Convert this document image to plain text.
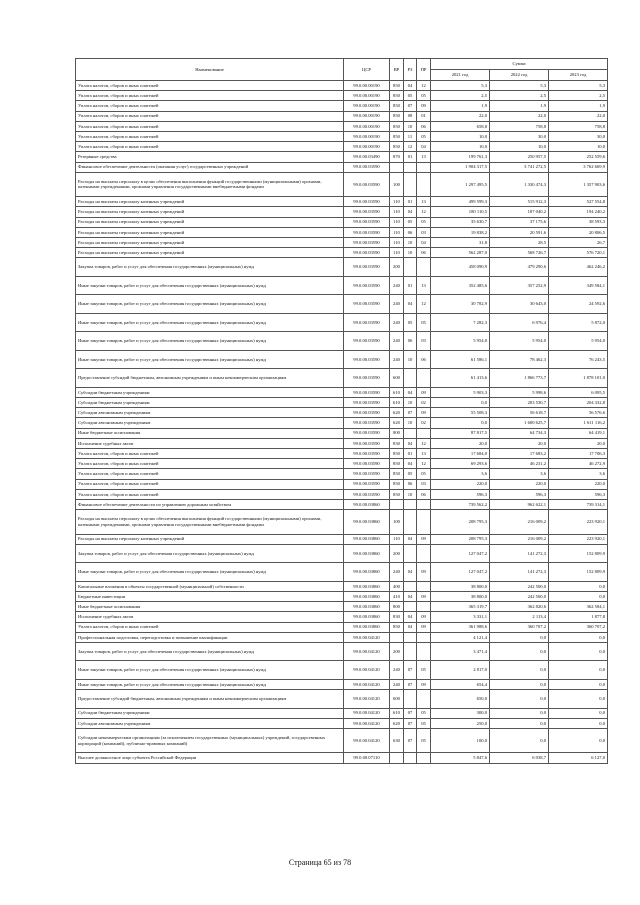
Наименование	ЦСР	ВР	РЗ	ПР	Сумма		
					2021 год	2022 год	2023 год
Уплата налогов, сборов и иных платежей	99.0.00.00190	850	04	12	5,3	5,3	5,3
Уплата налогов, сборов и иных платежей	99.0.00.00190	850	05	05	2,5	2,5	2,5
Уплата налогов, сборов и иных платежей	99.0.00.00190	850	07	09	1,9	1,9	1,9
Уплата налогов, сборов и иных платежей	99.0.00.00190	850	08	01	22,0	22,0	22,0
Уплата налогов, сборов и иных платежей	99.0.00.00190	850	10	06	658,8	758,8	758,8
Уплата налогов, сборов и иных платежей	99.0.00.00190	850	11	05	10,0	30,0	30,0
Уплата налогов, сборов и иных платежей	99.0.00.00190	850	12	04	10,0	10,0	10,0
Резервные средства	99.0.00.03490	870	01	13	199 761,3	250 957,5	252 559,6
Финансовое обеспечение деятельности (оказания услуг) государственных учреждений	99.0.00.03590				1 904 317,5	3 741 272,5	3 762 669,9
Расходы на выплаты персоналу в целях обеспечения выполнения функций государственными (муниципальными) органами, казенными учреждениями, органами управления государственными внебюджетными фондами	99.0.00.03590	100			1 297 495,5	1 330 474,3	1 357 903,6
Расходы на выплаты персоналу казенных учреждений	99.0.00.03590	110	01	13	499 599,3	515 912,3	527 554,8
Расходы на выплаты персоналу казенных учреждений	99.0.00.03590	110	04	12	180 110,5	187 040,2	194 240,2
Расходы на выплаты персоналу казенных учреждений	99.0.00.03590	110	05	05	35 630,7	37 175,6	38 593,3
Расходы на выплаты персоналу казенных учреждений	99.0.00.03590	110	06	03	19 838,2	20 591,6	20 806,5
Расходы на выплаты персоналу казенных учреждений	99.0.00.03590	110	10	04	31,8	28,5	26,7
Расходы на выплаты персоналу казенных учреждений	99.0.00.03590	110	10	06	562 287,0	568 726,7	576 720,1
Закупка товаров, работ и услуг для обеспечения государственных (муниципальных) нужд	99.0.00.03590	200			458 090,9	479 290,6	462 246,2
Иные закупки товаров, работ и услуг для обеспечения государственных (муниципальных) нужд	99.0.00.03590	240	01	13	352 485,6	357 252,9	349 584,1
Иные закупки товаров, работ и услуг для обеспечения государственных (муниципальных) нужд	99.0.00.03590	240	04	12	30 782,9	30 643,0	24 592,6
Иные закупки товаров, работ и услуг для обеспечения государственных (муниципальных) нужд	99.0.00.03590	240	05	05	7 282,3	6 976,4	5 872,0
Иные закупки товаров, работ и услуг для обеспечения государственных (муниципальных) нужд	99.0.00.03590	240	06	03	5 954,0	5 954,0	5 954,0
Иные закупки товаров, работ и услуг для обеспечения государственных (муниципальных) нужд	99.0.00.03590	240	10	06	61 586,1	78 462,3	76 243,5
Предоставление субсидий бюджетным, автономным учреждениям и иным некоммерческим организациям	99.0.00.03590	600			61 413,6	1 866 773,7	1 878 101,0
Субсидии бюджетным учреждениям	99.0.00.03590	610	04	09	5 903,3	5 998,6	6 095,5
Субсидии бюджетным учреждениям	99.0.00.03590	610	10	02	0,0	203 530,7	204 332,8
Субсидии автономным учреждениям	99.0.00.03590	620	07	09	55 508,3	56 618,7	56 576,6
Субсидии автономным учреждениям	99.0.00.03590	620	10	02	0,0	1 600 625,7	1 611 116,2
Иные бюджетные ассигнования	99.0.00.03590	800			87 817,5	64 734,3	64 419,1
Исполнение судебных актов	99.0.00.03590	830	04	12	20,0	20,0	20,0
Уплата налогов, сборов и иных платежей	99.0.00.03590	850	01	13	17 684,0	17 683,2	17 706,3
Уплата налогов, сборов и иных платежей	99.0.00.03590	850	04	12	69 293,6	46 231,2	46 272,9
Уплата налогов, сборов и иных платежей	99.0.00.03590	850	05	05	3,6	3,6	3,6
Уплата налогов, сборов и иных платежей	99.0.00.03590	850	06	03	220,0	220,0	220,0
Уплата налогов, сборов и иных платежей	99.0.00.03590	850	10	06	596,3	596,3	596,3
Финансовое обеспечение деятельности по управлению дорожным хозяйством	99.0.00.03860				739 562,2	962 622,1	739 314,1
Расходы на выплаты персоналу в целях обеспечения выполнения функций государственными (муниципальными) органами, казенными учреждениями, органами управления государственными внебюджетными фондами	99.0.00.03860	100			208 795,3	216 009,2	223 920,1
Расходы на выплаты персоналу казенных учреждений	99.0.00.03860	110	04	09	208 795,3	216 009,2	223 920,1
Закупка товаров, работ и услуг для обеспечения государственных (муниципальных) нужд	99.0.00.03860	200			127 047,2	141 272,3	152 809,9
Иные закупки товаров, работ и услуг для обеспечения государственных (муниципальных) нужд	99.0.00.03860	240	04	09	127 047,2	141 272,3	152 809,9
Капитальные вложения в объекты государственной (муниципальной) собственности	99.0.00.03860	400			38 800,0	242 500,0	0,0
Бюджетные инвестиции	99.0.00.03860	410	04	09	38 800,0	242 500,0	0,0
Иные бюджетные ассигнования	99.0.00.03860	800			365 319,7	362 820,6	362 584,1
Исполнение судебных актов	99.0.00.03860	830	04	09	3 331,1	2 113,4	1 877,8
Уплата налогов, сборов и иных платежей	99.0.00.03860	850	04	09	361 988,6	360 707,2	360 707,2
Профессиональная подготовка, переподготовка и повышение квалификации	99.0.00.04120				4 121,4	0,0	0,0
Закупка товаров, работ и услуг для обеспечения государственных (муниципальных) нужд	99.0.00.04120	200			3 471,4	0,0	0,0
Иные закупки товаров, работ и услуг для обеспечения государственных (муниципальных) нужд	99.0.00.04120	240	07	05	2 817,0	0,0	0,0
Иные закупки товаров, работ и услуг для обеспечения государственных (муниципальных) нужд	99.0.00.04120	240	07	09	654,4	0,0	0,0
Предоставление субсидий бюджетным, автономным учреждениям и иным некоммерческим организациям	99.0.00.04120	600			650,0	0,0	0,0
Субсидии бюджетным учреждениям	99.0.00.04120	610	07	05	300,0	0,0	0,0
Субсидии автономным учреждениям	99.0.00.04120	620	07	05	250,0	0,0	0,0
Субсидии некоммерческим организациям (за исключением государственных (муниципальных) учреждений, государственных корпораций (компаний), публично-правовых компаний)	99.0.00.04120	630	07	05	100,0	0,0	0,0
Высшее должностное лицо субъекта Российской Федерации	99.0.00.07110				5 847,6	6 038,7	6 127,0
Страница 65 из 78
